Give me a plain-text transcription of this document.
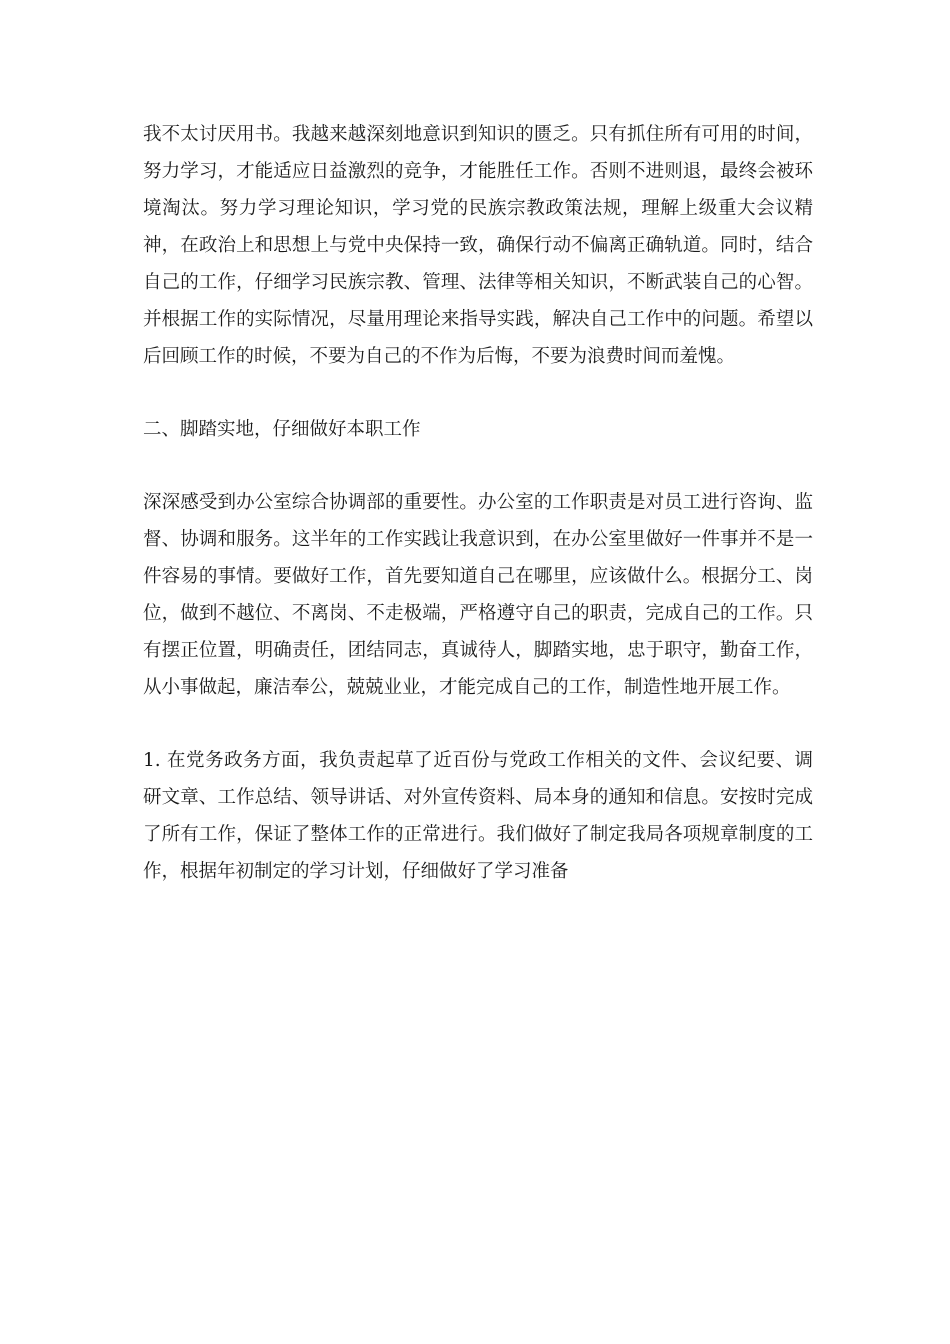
我不太讨厌用书。我越来越深刻地意识到知识的匮乏。只有抓住所有可用的时间，努力学习，才能适应日益激烈的竞争，才能胜任工作。否则不进则退，最终会被环境淘汰。努力学习理论知识，学习党的民族宗教政策法规，理解上级重大会议精神，在政治上和思想上与党中央保持一致，确保行动不偏离正确轨道。同时，结合自己的工作，仔细学习民族宗教、管理、法律等相关知识，不断武装自己的心智。并根据工作的实际情况，尽量用理论来指导实践，解决自己工作中的问题。希望以后回顾工作的时候，不要为自己的不作为后悔，不要为浪费时间而羞愧。

二、脚踏实地，仔细做好本职工作

深深感受到办公室综合协调部的重要性。办公室的工作职责是对员工进行咨询、监督、协调和服务。这半年的工作实践让我意识到，在办公室里做好一件事并不是一件容易的事情。要做好工作，首先要知道自己在哪里，应该做什么。根据分工、岗位，做到不越位、不离岗、不走极端，严格遵守自己的职责，完成自己的工作。只有摆正位置，明确责任，团结同志，真诚待人，脚踏实地，忠于职守，勤奋工作，从小事做起，廉洁奉公，兢兢业业，才能完成自己的工作，制造性地开展工作。

1. 在党务政务方面，我负责起草了近百份与党政工作相关的文件、会议纪要、调研文章、工作总结、领导讲话、对外宣传资料、局本身的通知和信息。安按时完成了所有工作，保证了整体工作的正常进行。我们做好了制定我局各项规章制度的工作，根据年初制定的学习计划，仔细做好了学习准备
